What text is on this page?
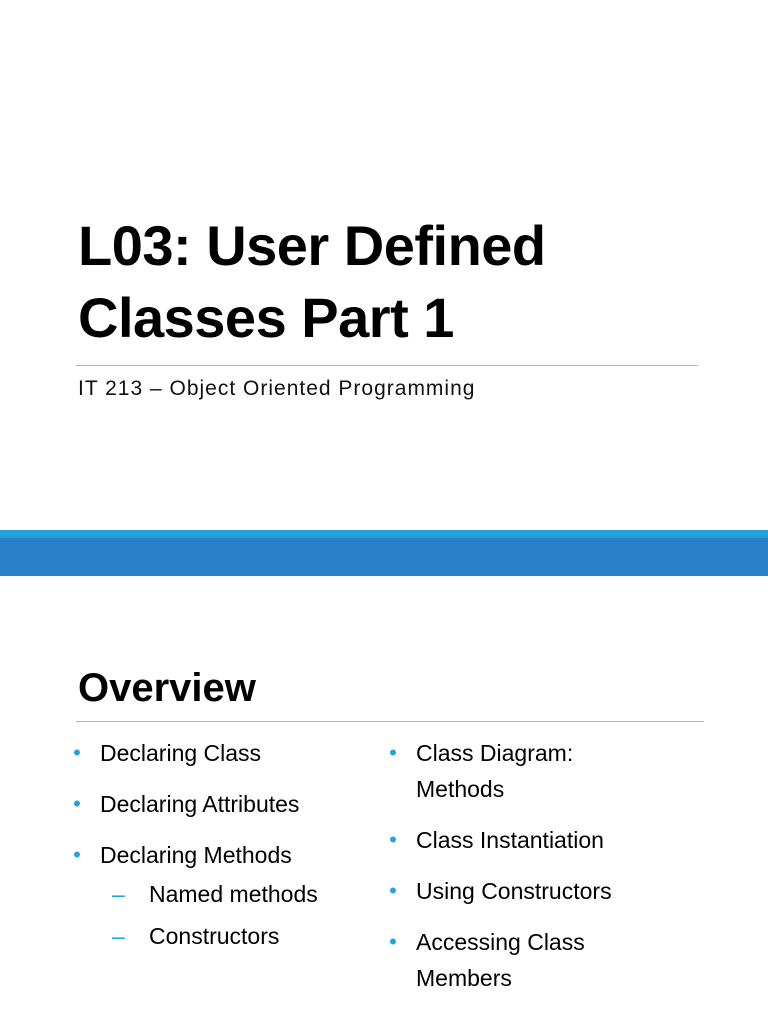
L03: User Defined
Classes Part 1
IT 213 – Object Oriented Programming
Overview
• Declaring Class
• Declaring Attributes
• Declaring Methods
– Named methods
– Constructors
• Class Diagram:
Methods
• Class Instantiation
• Using Constructors
• Accessing Class
Members
